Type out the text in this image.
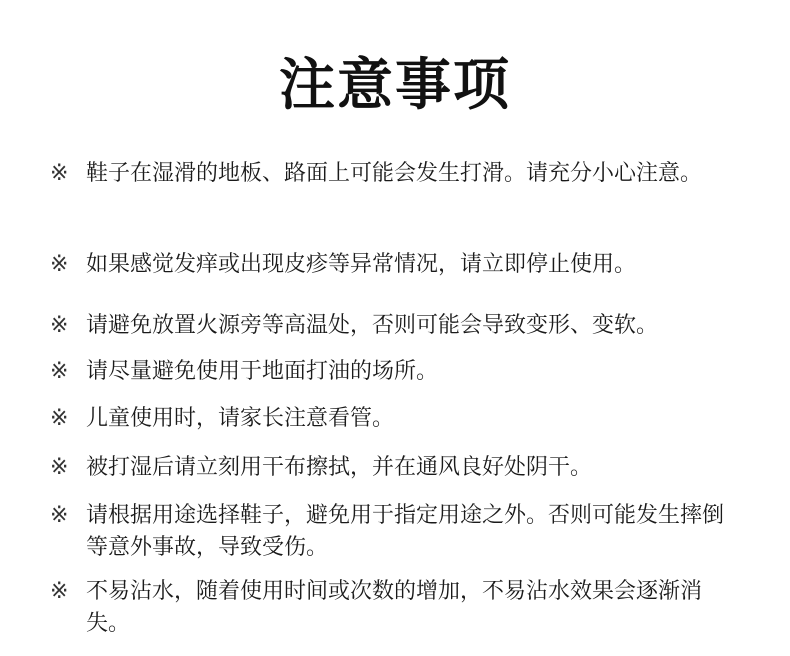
注意事项
※ 鞋子在湿滑的地板、路面上可能会发生打滑。请充分小心注意。
※ 如果感觉发痒或出现皮疹等异常情况，请立即停止使用。
※ 请避免放置火源旁等高温处，否则可能会导致变形、变软。
※ 请尽量避免使用于地面打油的场所。
※ 儿童使用时，请家长注意看管。
※ 被打湿后请立刻用干布擦拭，并在通风良好处阴干。
※ 请根据用途选择鞋子，避免用于指定用途之外。否则可能发生摔倒等意外事故，导致受伤。
※ 不易沾水，随着使用时间或次数的增加，不易沾水效果会逐渐消失。
